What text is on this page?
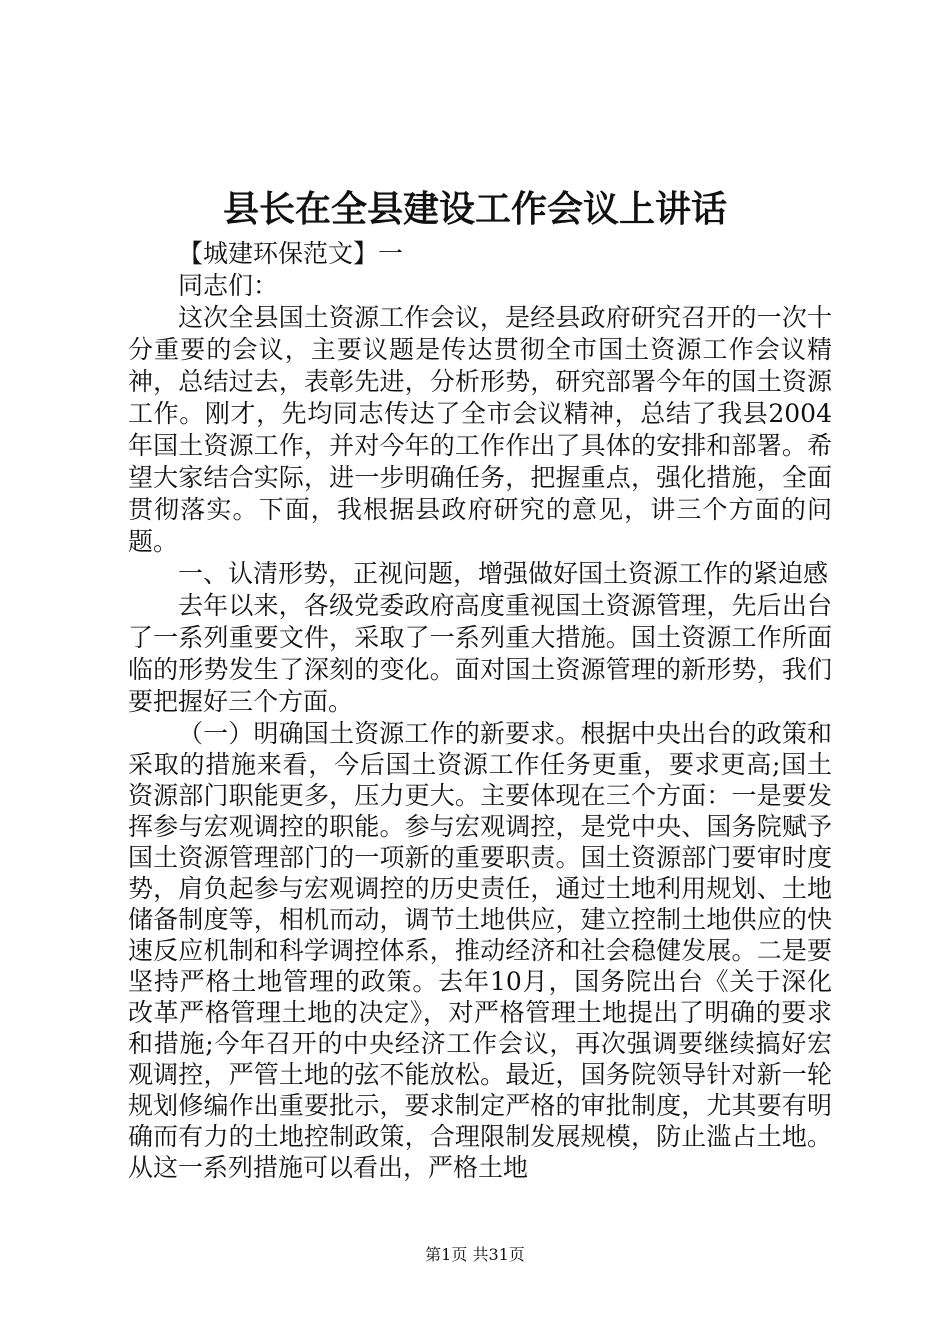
县长在全县建设工作会议上讲话

【城建环保范文】一

同志们：

这次全县国土资源工作会议，是经县政府研究召开的一次十分重要的会议，主要议题是传达贯彻全市国土资源工作会议精神，总结过去，表彰先进，分析形势，研究部署今年的国土资源工作。刚才，先均同志传达了全市会议精神，总结了我县2004年国土资源工作，并对今年的工作作出了具体的安排和部署。希望大家结合实际，进一步明确任务，把握重点，强化措施，全面贯彻落实。下面，我根据县政府研究的意见，讲三个方面的问题。

一、认清形势，正视问题，增强做好国土资源工作的紧迫感

去年以来，各级党委政府高度重视国土资源管理，先后出台了一系列重要文件，采取了一系列重大措施。国土资源工作所面临的形势发生了深刻的变化。面对国土资源管理的新形势，我们要把握好三个方面。

（一）明确国土资源工作的新要求。根据中央出台的政策和采取的措施来看，今后国土资源工作任务更重，要求更高;国土资源部门职能更多，压力更大。主要体现在三个方面：一是要发挥参与宏观调控的职能。参与宏观调控，是党中央、国务院赋予国土资源管理部门的一项新的重要职责。国土资源部门要审时度势，肩负起参与宏观调控的历史责任，通过土地利用规划、土地储备制度等，相机而动，调节土地供应，建立控制土地供应的快速反应机制和科学调控体系，推动经济和社会稳健发展。二是要坚持严格土地管理的政策。去年10月，国务院出台《关于深化改革严格管理土地的决定》，对严格管理土地提出了明确的要求和措施;今年召开的中央经济工作会议，再次强调要继续搞好宏观调控，严管土地的弦不能放松。最近，国务院领导针对新一轮规划修编作出重要批示，要求制定严格的审批制度，尤其要有明确而有力的土地控制政策，合理限制发展规模，防止滥占土地。从这一系列措施可以看出，严格土地

第1页 共31页
